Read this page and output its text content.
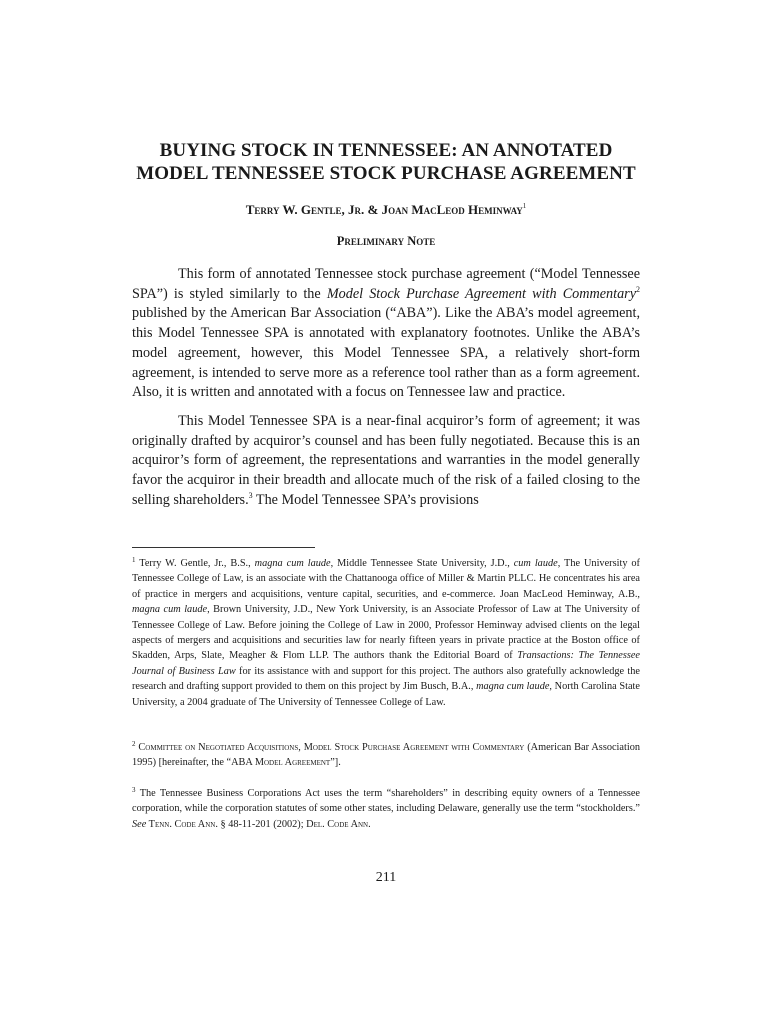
BUYING STOCK IN TENNESSEE: AN ANNOTATED
MODEL TENNESSEE STOCK PURCHASE AGREEMENT
Terry W. Gentle, Jr. & Joan MacLeod Heminway$^1$
Preliminary Note

This form of annotated Tennessee stock purchase agreement (“Model Tennessee SPA”) is styled similarly to the Model Stock Purchase Agreement with Commentary$^2$ published by the American Bar Association (“ABA”). Like the ABA’s model agreement, this Model Tennessee SPA is annotated with explanatory footnotes. Unlike the ABA’s model agreement, however, this Model Tennessee SPA, a relatively short-form agreement, is intended to serve more as a reference tool rather than as a form agreement. Also, it is written and annotated with a focus on Tennessee law and practice.

This Model Tennessee SPA is a near-final acquiror’s form of agreement; it was originally drafted by acquiror’s counsel and has been fully negotiated. Because this is an acquiror’s form of agreement, the representations and warranties in the model generally favor the acquiror in their breadth and allocate much of the risk of a failed closing to the selling shareholders.$^3$ The Model Tennessee SPA’s provisions

$^1$ Terry W. Gentle, Jr., B.S., magna cum laude, Middle Tennessee State University, J.D., cum laude, The University of Tennessee College of Law, is an associate with the Chattanooga office of Miller & Martin PLLC. He concentrates his area of practice in mergers and acquisitions, venture capital, securities, and e-commerce. Joan MacLeod Heminway, A.B., magna cum laude, Brown University, J.D., New York University, is an Associate Professor of Law at The University of Tennessee College of Law. Before joining the College of Law in 2000, Professor Heminway advised clients on the legal aspects of mergers and acquisitions and securities law for nearly fifteen years in private practice at the Boston office of Skadden, Arps, Slate, Meagher & Flom LLP. The authors thank the Editorial Board of Transactions: The Tennessee Journal of Business Law for its assistance with and support for this project. The authors also gratefully acknowledge the research and drafting support provided to them on this project by Jim Busch, B.A., magna cum laude, North Carolina State University, a 2004 graduate of The University of Tennessee College of Law.

$^2$ Committee on Negotiated Acquisitions, Model Stock Purchase Agreement with Commentary (American Bar Association 1995) [hereinafter, the “ABA Model Agreement”].

$^3$ The Tennessee Business Corporations Act uses the term “shareholders” in describing equity owners of a Tennessee corporation, while the corporation statutes of some other states, including Delaware, generally use the term “stockholders.” See Tenn. Code Ann. § 48-11-201 (2002); Del. Code Ann.

211
